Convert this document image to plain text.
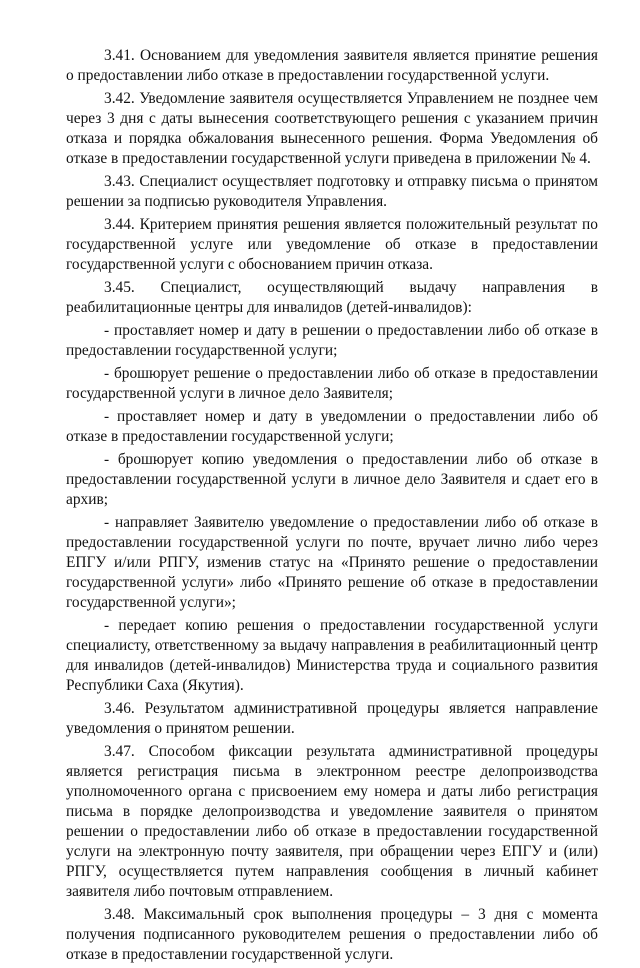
3.41. Основанием для уведомления заявителя является принятие решения о предоставлении либо отказе в предоставлении государственной услуги.

3.42. Уведомление заявителя осуществляется Управлением не позднее чем через 3 дня с даты вынесения соответствующего решения с указанием причин отказа и порядка обжалования вынесенного решения. Форма Уведомления об отказе в предоставлении государственной услуги приведена в приложении № 4.

3.43. Специалист осуществляет подготовку и отправку письма о принятом решении за подписью руководителя Управления.

3.44. Критерием принятия решения является положительный результат по государственной услуге или уведомление об отказе в предоставлении государственной услуги с обоснованием причин отказа.

3.45. Специалист, осуществляющий выдачу направления в реабилитационные центры для инвалидов (детей-инвалидов):

- проставляет номер и дату в решении о предоставлении либо об отказе в предоставлении государственной услуги;

- брошюрует решение о предоставлении либо об отказе в предоставлении государственной услуги в личное дело Заявителя;

- проставляет номер и дату в уведомлении о предоставлении либо об отказе в предоставлении государственной услуги;

- брошюрует копию уведомления о предоставлении либо об отказе в предоставлении государственной услуги в личное дело Заявителя и сдает его в архив;

- направляет Заявителю уведомление о предоставлении либо об отказе в предоставлении государственной услуги по почте, вручает лично либо через ЕПГУ и/или РПГУ, изменив статус на «Принято решение о предоставлении государственной услуги» либо «Принято решение об отказе в предоставлении государственной услуги»;

- передает копию решения о предоставлении государственной услуги специалисту, ответственному за выдачу направления в реабилитационный центр для инвалидов (детей-инвалидов) Министерства труда и социального развития Республики Саха (Якутия).

3.46. Результатом административной процедуры является направление уведомления о принятом решении.

3.47. Способом фиксации результата административной процедуры является регистрация письма в электронном реестре делопроизводства уполномоченного органа с присвоением ему номера и даты либо регистрация письма в порядке делопроизводства и уведомление заявителя о принятом решении о предоставлении либо об отказе в предоставлении государственной услуги на электронную почту заявителя, при обращении через ЕПГУ и (или) РПГУ, осуществляется путем направления сообщения в личный кабинет заявителя либо почтовым отправлением.

3.48. Максимальный срок выполнения процедуры – 3 дня с момента получения подписанного руководителем решения о предоставлении либо об отказе в предоставлении государственной услуги.
